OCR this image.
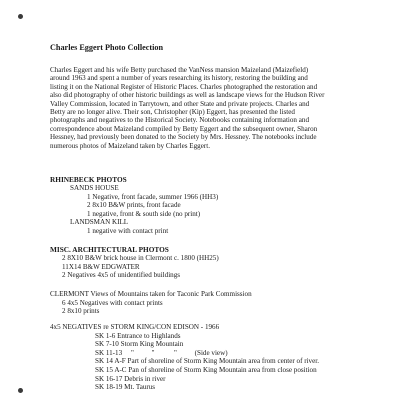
Charles Eggert Photo Collection
Charles Eggert and his wife Betty purchased the VanNess mansion Maizeland (Maizefield)
around 1963 and spent a number of years researching its history, restoring the building and
listing it on the National Register of Historic Places. Charles photographed the restoration and
also did photography of other historic buildings as well as landscape views for the Hudson River
Valley Commission, located in Tarrytown, and other State and private projects. Charles and
Betty are no longer alive. Their son, Christopher (Kip) Eggert, has presented the listed
photographs and negatives to the Historical Society. Notebooks containing information and
correspondence about Maizeland compiled by Betty Eggert and the subsequent owner, Sharon
Hessney, had previously been donated to the Society by Mrs. Hessney. The notebooks include
numerous photos of Maizeland taken by Charles Eggert.
RHINEBECK PHOTOS
SANDS HOUSE
1 Negative, front facade, summer 1966 (HH3)
2 8x10 B&W prints, front facade
1 negative, front & south side (no print)
LANDSMAN KILL
1 negative with contact print
MISC. ARCHITECTURAL PHOTOS
2 8X10 B&W brick house in Clermont c. 1800 (HH25)
11X14 B&W EDGWATER
2 Negatives 4x5 of unidentified buildings
CLERMONT Views of Mountains taken for Taconic Park Commission
6 4x5 Negatives with contact prints
2 8x10 prints
4x5 NEGATIVES re STORM KING/CON EDISON - 1966
SK 1-6 Entrance to Highlands
SK 7-10 Storm King Mountain
SK 11-13     "          "           "          (Side view)
SK 14 A-F Part of shoreline of Storm King Mountain area from center of river.
SK 15 A-C Pan of shoreline of Storm King Mountain area from close position
SK 16-17 Debris in river
SK 18-19 Mt. Taurus
